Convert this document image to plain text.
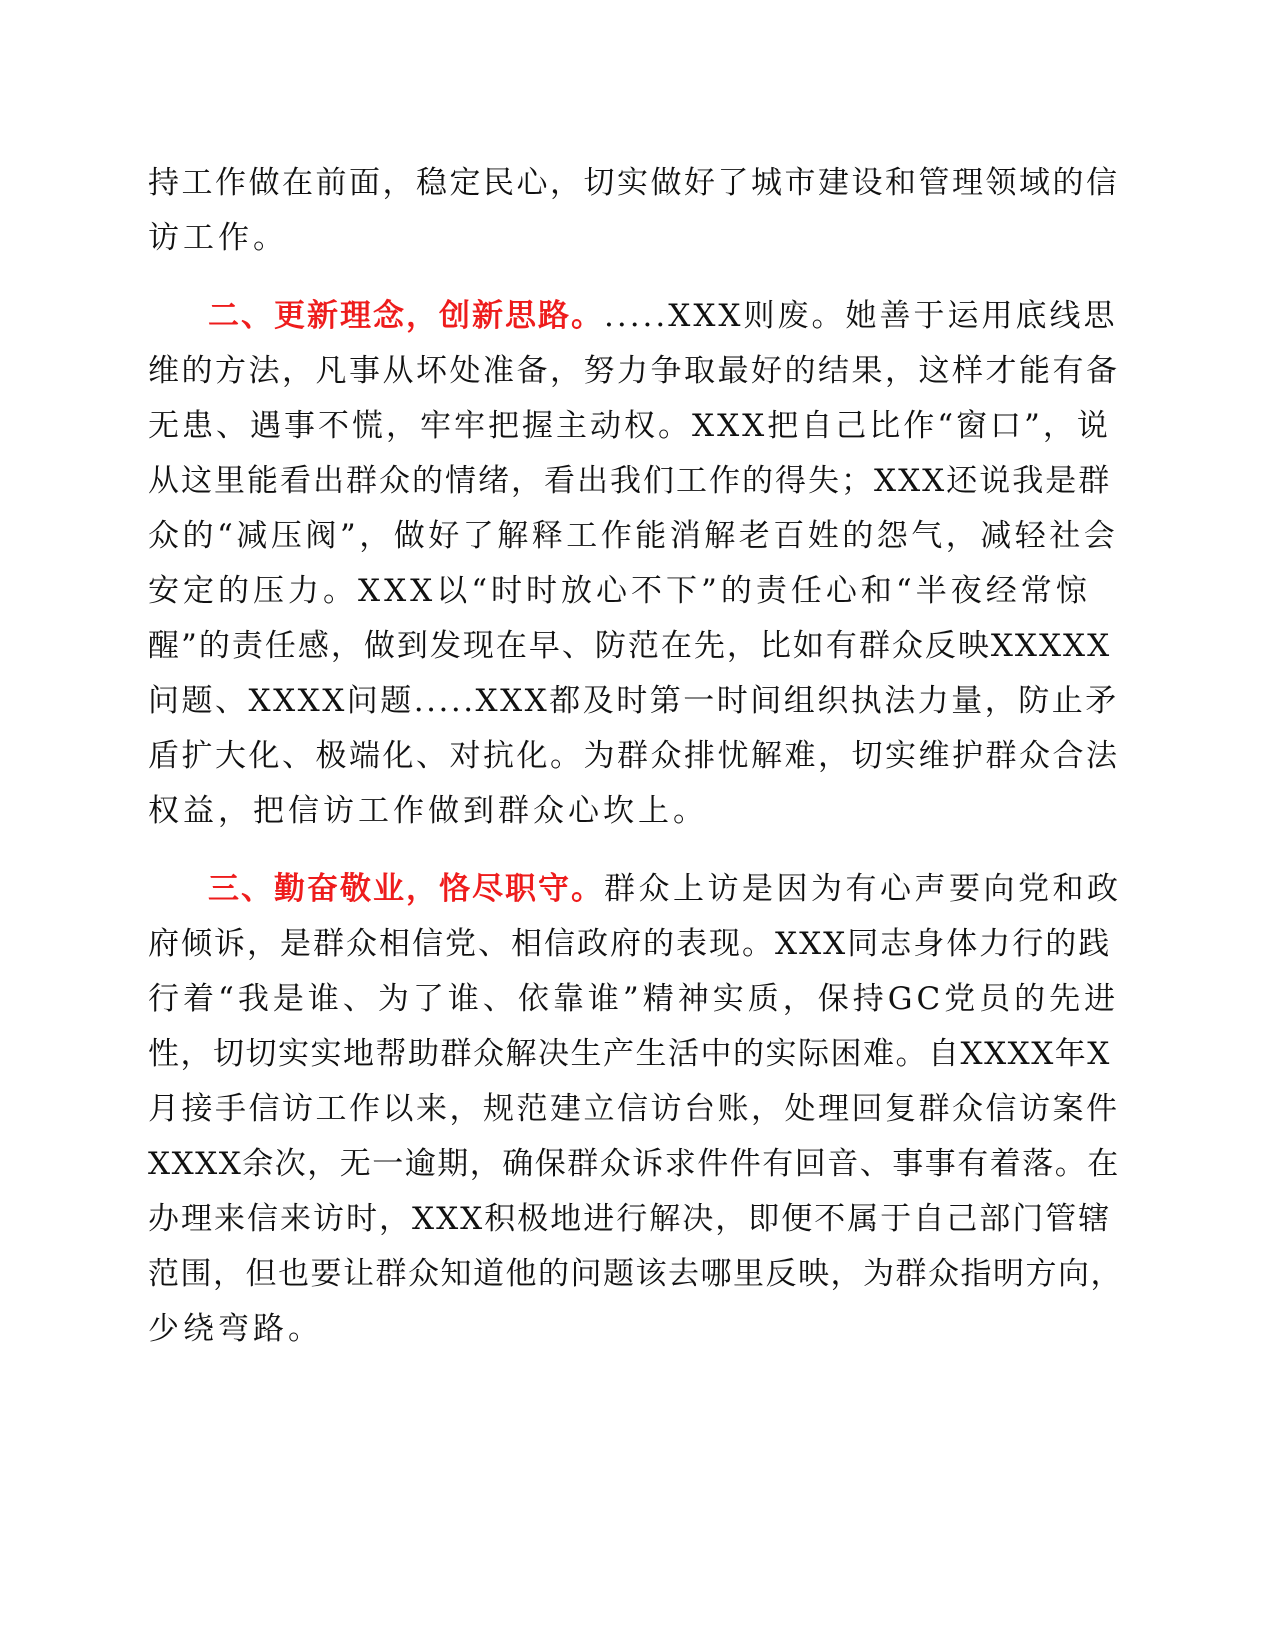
持工作做在前面，稳定民心，切实做好了城市建设和管理领域的信

访工作。

二、更新理念，创新思路。.....XXX则废。她善于运用底线思

维的方法，凡事从坏处准备，努力争取最好的结果，这样才能有备

无患、遇事不慌，牢牢把握主动权。XXX把自己比作“窗口”，说

从这里能看出群众的情绪，看出我们工作的得失；XXX还说我是群

众的“减压阀”，做好了解释工作能消解老百姓的怨气，减轻社会

安定的压力。XXX以“时时放心不下”的责任心和“半夜经常惊

醒”的责任感，做到发现在早、防范在先，比如有群众反映XXXXX

问题、XXXX问题.....XXX都及时第一时间组织执法力量，防止矛

盾扩大化、极端化、对抗化。为群众排忧解难，切实维护群众合法

权益，把信访工作做到群众心坎上。

三、勤奋敬业，恪尽职守。群众上访是因为有心声要向党和政

府倾诉，是群众相信党、相信政府的表现。XXX同志身体力行的践

行着“我是谁、为了谁、依靠谁”精神实质，保持GC党员的先进

性，切切实实地帮助群众解决生产生活中的实际困难。自XXXX年X

月接手信访工作以来，规范建立信访台账，处理回复群众信访案件

XXXX余次，无一逾期，确保群众诉求件件有回音、事事有着落。在

办理来信来访时，XXX积极地进行解决，即便不属于自己部门管辖

范围，但也要让群众知道他的问题该去哪里反映，为群众指明方向，

少绕弯路。
